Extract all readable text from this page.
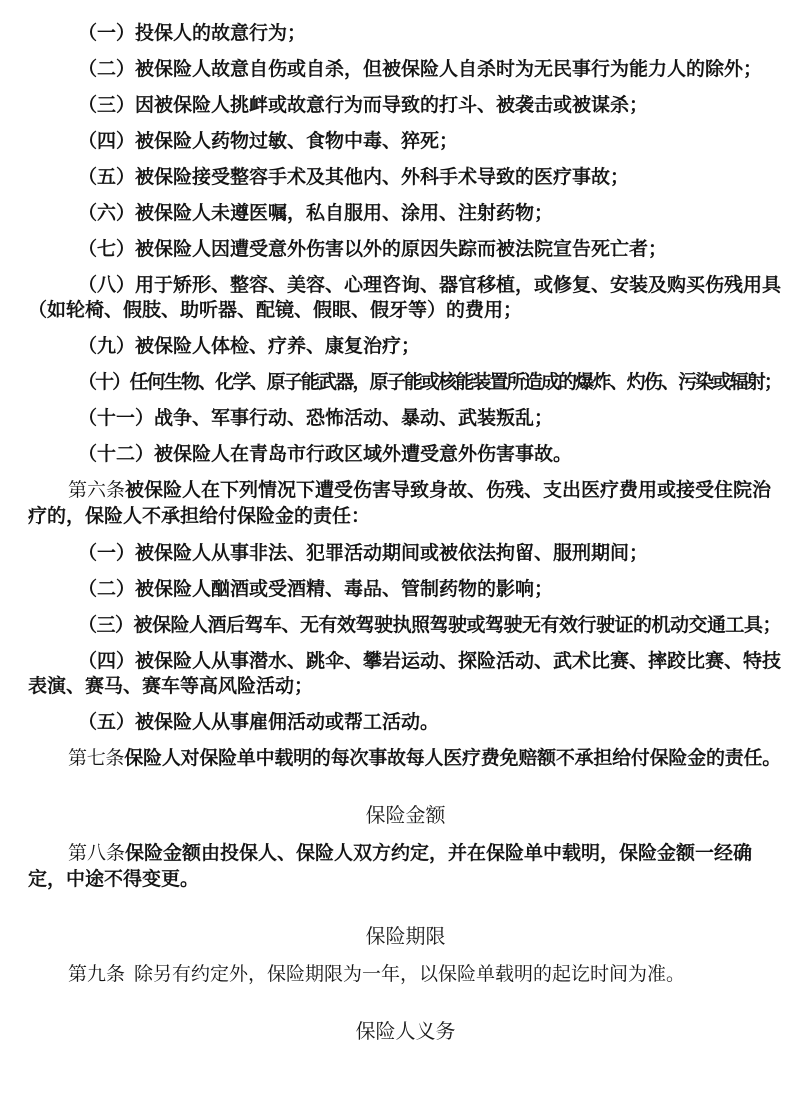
（一）投保人的故意行为；

（二）被保险人故意自伤或自杀，但被保险人自杀时为无民事行为能力人的除外；

（三）因被保险人挑衅或故意行为而导致的打斗、被袭击或被谋杀；

（四）被保险人药物过敏、食物中毒、猝死；

（五）被保险接受整容手术及其他内、外科手术导致的医疗事故；

（六）被保险人未遵医嘱，私自服用、涂用、注射药物；

（七）被保险人因遭受意外伤害以外的原因失踪而被法院宣告死亡者；

（八）用于矫形、整容、美容、心理咨询、器官移植，或修复、安装及购买伤残用具（如轮椅、假肢、助听器、配镜、假眼、假牙等）的费用；

（九）被保险人体检、疗养、康复治疗；

（十）任何生物、化学、原子能武器，原子能或核能装置所造成的爆炸、灼伤、污染或辐射；

（十一）战争、军事行动、恐怖活动、暴动、武装叛乱；

（十二）被保险人在青岛市行政区域外遭受意外伤害事故。

第六条被保险人在下列情况下遭受伤害导致身故、伤残、支出医疗费用或接受住院治疗的，保险人不承担给付保险金的责任：

（一）被保险人从事非法、犯罪活动期间或被依法拘留、服刑期间；

（二）被保险人酗酒或受酒精、毒品、管制药物的影响；

（三）被保险人酒后驾车、无有效驾驶执照驾驶或驾驶无有效行驶证的机动交通工具；

（四）被保险人从事潜水、跳伞、攀岩运动、探险活动、武术比赛、摔跤比赛、特技表演、赛马、赛车等高风险活动；

（五）被保险人从事雇佣活动或帮工活动。

第七条保险人对保险单中载明的每次事故每人医疗费免赔额不承担给付保险金的责任。

保险金额

第八条保险金额由投保人、保险人双方约定，并在保险单中载明，保险金额一经确定，中途不得变更。

保险期限

第九条 除另有约定外，保险期限为一年，以保险单载明的起讫时间为准。

保险人义务
